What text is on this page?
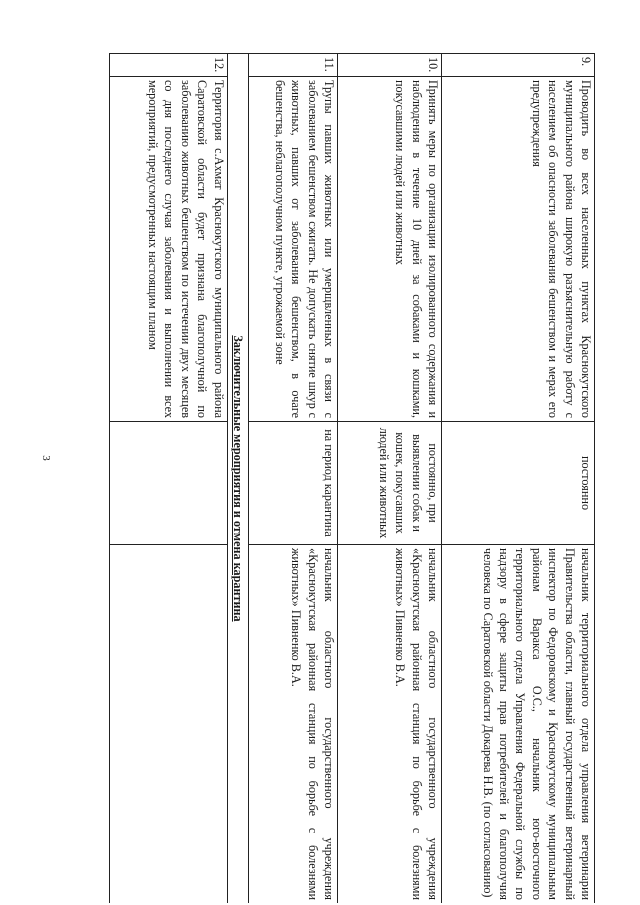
3
9.	Проводить во всех населенных пунктах Краснокутского муниципального района широкую разъяснительную работу с населением об опасности заболевания бешенством и мерах его предупреждения	постоянно	начальник территориального отдела управления ветеринарии Правительства области, главный государственный ветеринарный инспектор по Федоровскому и Краснокутскому муниципальным районам Варакса О.С., начальник юго-восточного территориального отдела Управления Федеральной службы по надзору в сфере защиты прав потребителей и благополучия человека по Саратовской области Докарева Н.В. (по согласованию)
10.	Принять меры по организации изолированного содержания и наблюдения в течение 10 дней за собаками и кошками, покусавшими людей или животных	постоянно, при выявлении собак и кошек, покусавших людей или животных	начальник областного государственного учреждения «Краснокутская районная станция по борьбе с болезнями животных» Пивненко В.А.
11.	Трупы павших животных или умерщвленных в связи с заболеванием бешенством сжигать. Не допускать снятие шкур с животных, павших от заболевания бешенством, в очаге бешенства, неблагополучном пункте, угрожаемой зоне	на период карантина	начальник областного государственного учреждения «Краснокутская районная станция по борьбе с болезнями животных» Пивненко В.А.
Заключительные мероприятия и отмена карантина			
12.	Территория с.Ахмат Краснокутского муниципального района Саратовской области будет признана благополучной по заболеванию животных бешенством по истечении двух месяцев со дня последнего случая заболевания и выполнении всех мероприятий, предусмотренных настоящим планом		
